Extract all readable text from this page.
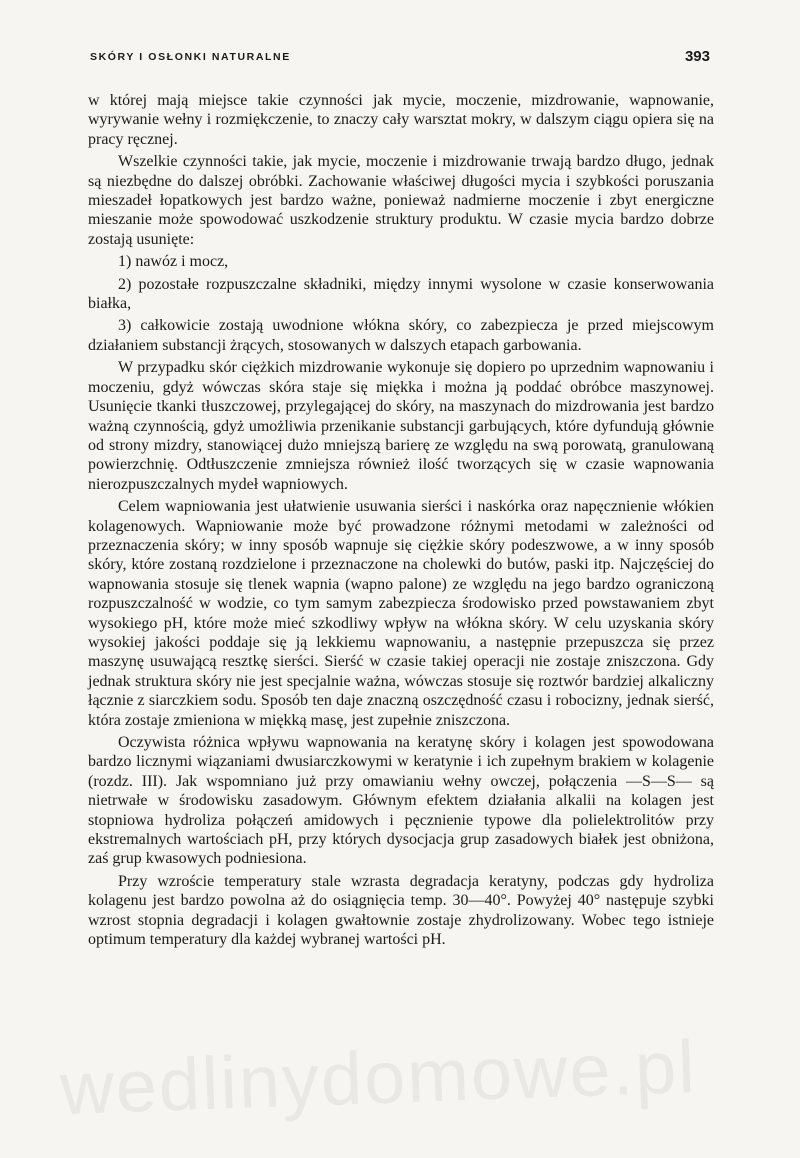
wedlinydomowe.pl
SKÓRY I OSŁONKI NATURALNE	393

w której mają miejsce takie czynności jak mycie, moczenie, mizdrowanie, wapnowanie, wyrywanie wełny i rozmiękczenie, to znaczy cały warsztat mokry, w dalszym ciągu opiera się na pracy ręcznej.

Wszelkie czynności takie, jak mycie, moczenie i mizdrowanie trwają bardzo długo, jednak są niezbędne do dalszej obróbki. Zachowanie właściwej długości mycia i szybkości poruszania mieszadeł łopatkowych jest bardzo ważne, ponieważ nadmierne moczenie i zbyt energiczne mieszanie może spowodować uszkodzenie struktury produktu. W czasie mycia bardzo dobrze zostają usunięte:

1) nawóz i mocz,

2) pozostałe rozpuszczalne składniki, między innymi wysolone w czasie konserwowania białka,

3) całkowicie zostają uwodnione włókna skóry, co zabezpiecza je przed miejscowym działaniem substancji żrących, stosowanych w dalszych etapach garbowania.

W przypadku skór ciężkich mizdrowanie wykonuje się dopiero po uprzednim wapnowaniu i moczeniu, gdyż wówczas skóra staje się miękka i można ją poddać obróbce maszynowej. Usunięcie tkanki tłuszczowej, przylegającej do skóry, na maszynach do mizdrowania jest bardzo ważną czynnością, gdyż umożliwia przenikanie substancji garbujących, które dyfundują głównie od strony mizdry, stanowiącej dużo mniejszą barierę ze względu na swą porowatą, granulowaną powierzchnię. Odtłuszczenie zmniejsza również ilość tworzących się w czasie wapnowania nierozpuszczalnych mydeł wapniowych.

Celem wapniowania jest ułatwienie usuwania sierści i naskórka oraz napęcznienie włókien kolagenowych. Wapniowanie może być prowadzone różnymi metodami w zależności od przeznaczenia skóry; w inny sposób wapnuje się ciężkie skóry podeszwowe, a w inny sposób skóry, które zostaną rozdzielone i przeznaczone na cholewki do butów, paski itp. Najczęściej do wapnowania stosuje się tlenek wapnia (wapno palone) ze względu na jego bardzo ograniczoną rozpuszczalność w wodzie, co tym samym zabezpiecza środowisko przed powstawaniem zbyt wysokiego pH, które może mieć szkodliwy wpływ na włókna skóry. W celu uzyskania skóry wysokiej jakości poddaje się ją lekkiemu wapnowaniu, a następnie przepuszcza się przez maszynę usuwającą resztkę sierści. Sierść w czasie takiej operacji nie zostaje zniszczona. Gdy jednak struktura skóry nie jest specjalnie ważna, wówczas stosuje się roztwór bardziej alkaliczny łącznie z siarczkiem sodu. Sposób ten daje znaczną oszczędność czasu i robocizny, jednak sierść, która zostaje zmieniona w miękką masę, jest zupełnie zniszczona.

Oczywista różnica wpływu wapnowania na keratynę skóry i kolagen jest spowodowana bardzo licznymi wiązaniami dwusiarczkowymi w keratynie i ich zupełnym brakiem w kolagenie (rozdz. III). Jak wspomniano już przy omawianiu wełny owczej, połączenia —S—S— są nietrwałe w środowisku zasadowym. Głównym efektem działania alkalii na kolagen jest stopniowa hydroliza połączeń amidowych i pęcznienie typowe dla polielektrolitów przy ekstremalnych wartościach pH, przy których dysocjacja grup zasadowych białek jest obniżona, zaś grup kwasowych podniesiona.

Przy wzroście temperatury stale wzrasta degradacja keratyny, podczas gdy hydroliza kolagenu jest bardzo powolna aż do osiągnięcia temp. 30—40°. Powyżej 40° następuje szybki wzrost stopnia degradacji i kolagen gwałtownie zostaje zhydrolizowany. Wobec tego istnieje optimum temperatury dla każdej wybranej wartości pH.
